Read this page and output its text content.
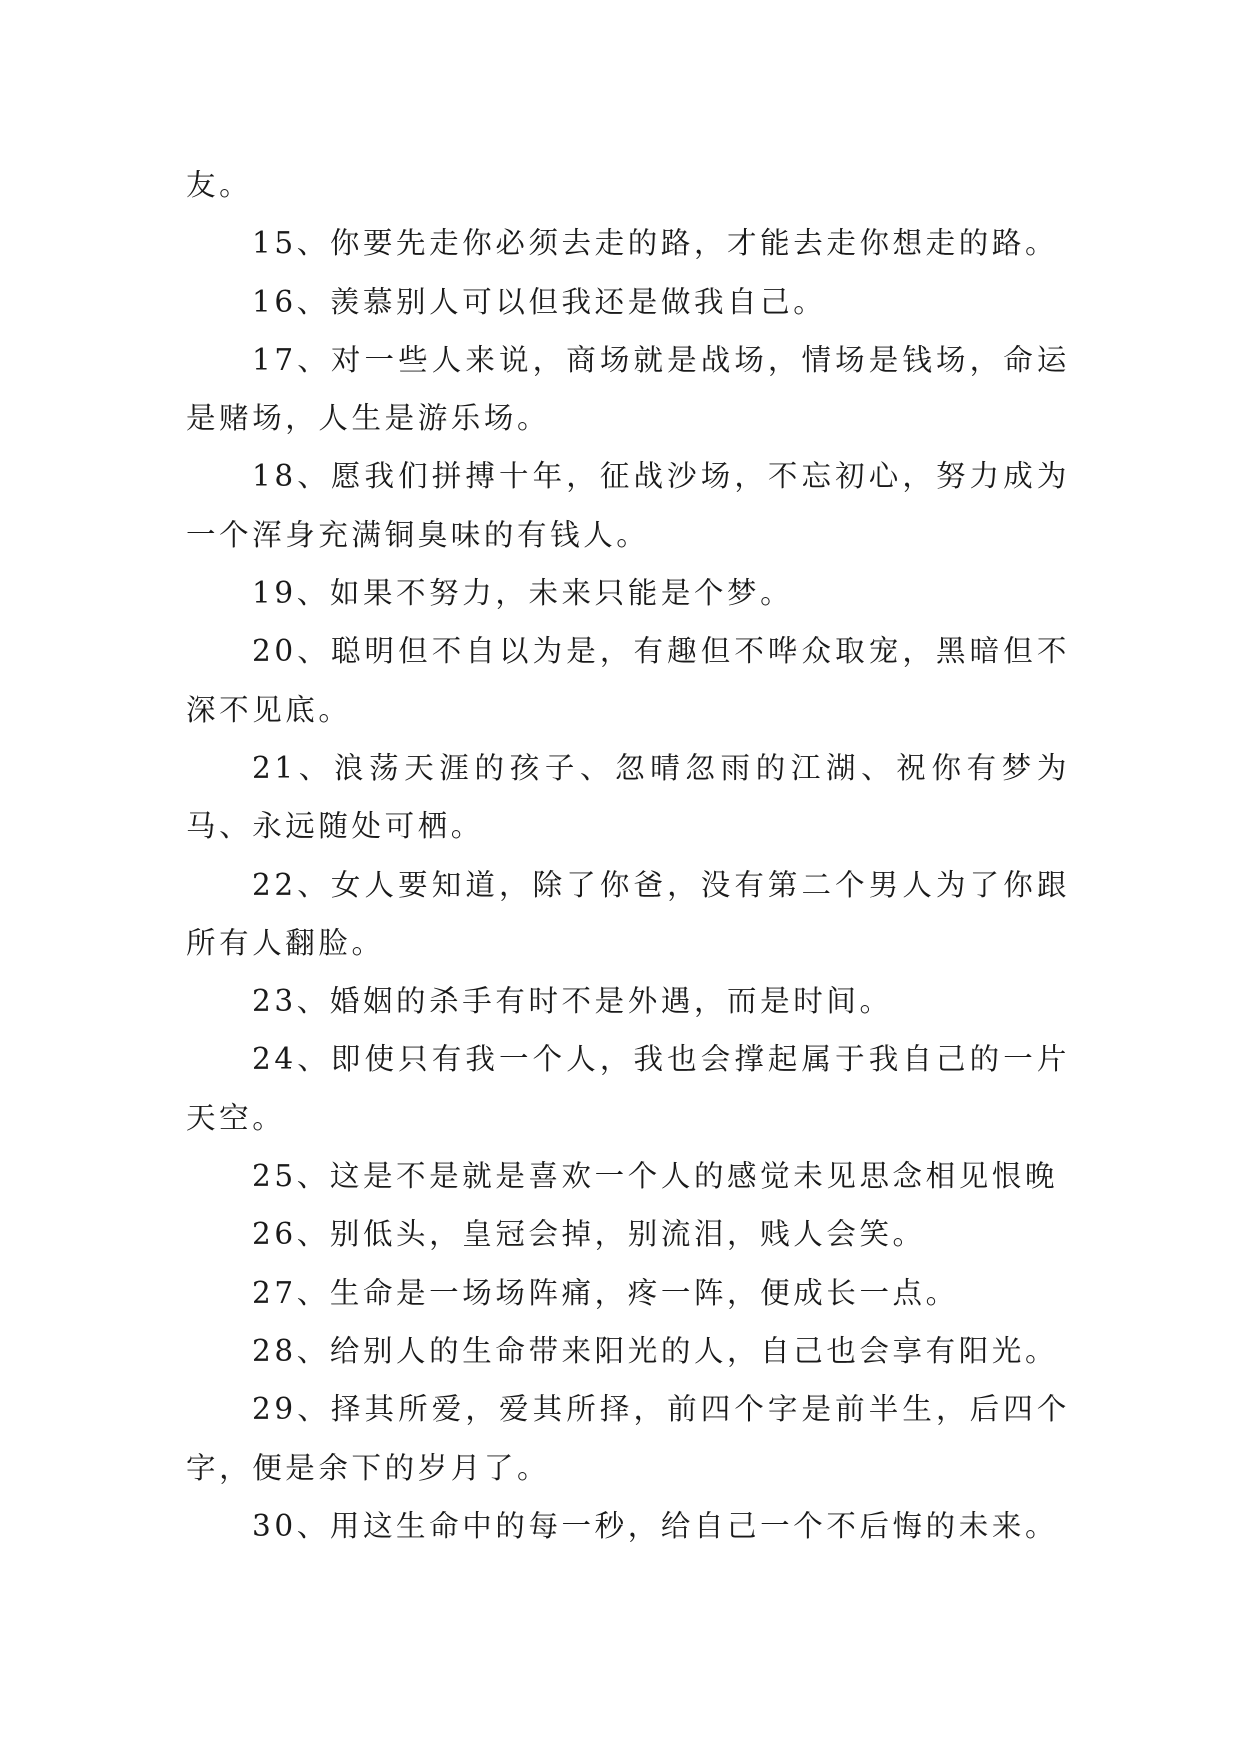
友。

15、你要先走你必须去走的路，才能去走你想走的路。

16、羡慕别人可以但我还是做我自己。

17、对一些人来说，商场就是战场，情场是钱场，命运是赌场，人生是游乐场。

18、愿我们拼搏十年，征战沙场，不忘初心，努力成为一个浑身充满铜臭味的有钱人。

19、如果不努力，未来只能是个梦。

20、聪明但不自以为是，有趣但不哗众取宠，黑暗但不深不见底。

21、浪荡天涯的孩子、忽晴忽雨的江湖、祝你有梦为马、永远随处可栖。

22、女人要知道，除了你爸，没有第二个男人为了你跟所有人翻脸。

23、婚姻的杀手有时不是外遇，而是时间。

24、即使只有我一个人，我也会撑起属于我自己的一片天空。

25、这是不是就是喜欢一个人的感觉未见思念相见恨晚

26、别低头，皇冠会掉，别流泪，贱人会笑。

27、生命是一场场阵痛，疼一阵，便成长一点。

28、给别人的生命带来阳光的人，自己也会享有阳光。

29、择其所爱，爱其所择，前四个字是前半生，后四个字，便是余下的岁月了。

30、用这生命中的每一秒，给自己一个不后悔的未来。
